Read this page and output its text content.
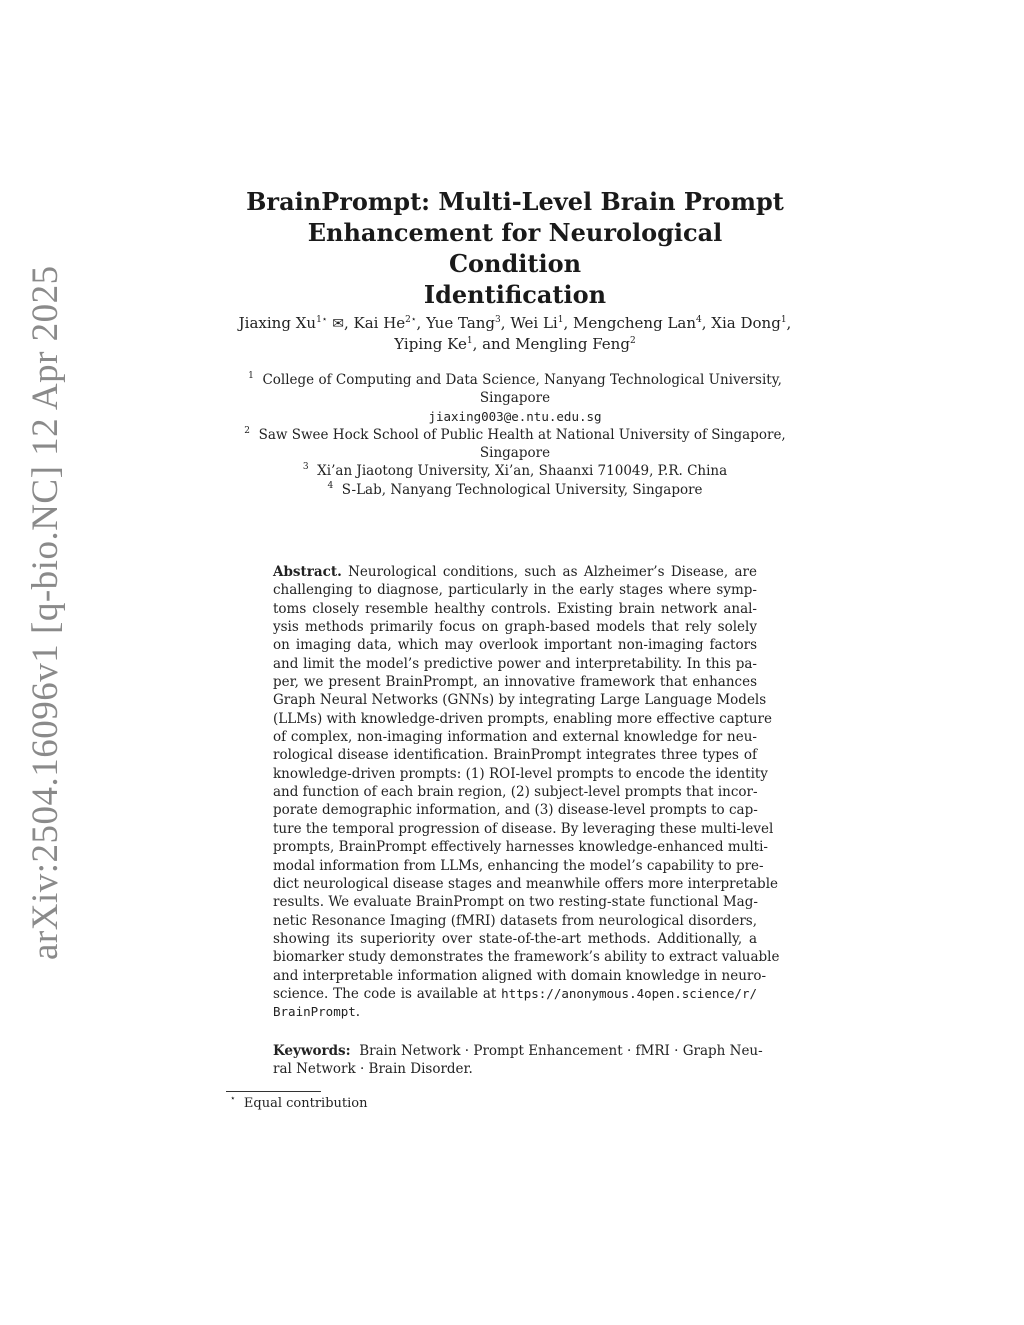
arXiv:2504.16096v1 [q-bio.NC] 12 Apr 2025
BrainPrompt: Multi-Level Brain Prompt
Enhancement for Neurological Condition
Identification
Jiaxing $Xu^{1⋆}$ ✉, Kai $He^{2⋆}$, Yue Tang$^3$, Wei Li$^1$, Mengcheng Lan$^4$, Xia Dong$^1$,
Yiping Ke$^1$, and Mengling Feng$^2$
$^1$ College of Computing and Data Science, Nanyang Technological University,
Singapore
jiaxing003@e.ntu.edu.sg
$^2$ Saw Swee Hock School of Public Health at National University of Singapore,
Singapore
$^3$ Xi’an Jiaotong University, Xi’an, Shaanxi 710049, P.R. China
$^4$ S-Lab, Nanyang Technological University, Singapore
Abstract. Neurological conditions, such as Alzheimer’s Disease, are
challenging to diagnose, particularly in the early stages where symp-
toms closely resemble healthy controls. Existing brain network anal-
ysis methods primarily focus on graph-based models that rely solely
on imaging data, which may overlook important non-imaging factors
and limit the model’s predictive power and interpretability. In this pa-
per, we present BrainPrompt, an innovative framework that enhances
Graph Neural Networks (GNNs) by integrating Large Language Models
(LLMs) with knowledge-driven prompts, enabling more effective capture
of complex, non-imaging information and external knowledge for neu-
rological disease identification. BrainPrompt integrates three types of
knowledge-driven prompts: (1) ROI-level prompts to encode the identity
and function of each brain region, (2) subject-level prompts that incor-
porate demographic information, and (3) disease-level prompts to cap-
ture the temporal progression of disease. By leveraging these multi-level
prompts, BrainPrompt effectively harnesses knowledge-enhanced multi-
modal information from LLMs, enhancing the model’s capability to pre-
dict neurological disease stages and meanwhile offers more interpretable
results. We evaluate BrainPrompt on two resting-state functional Mag-
netic Resonance Imaging (fMRI) datasets from neurological disorders,
showing its superiority over state-of-the-art methods. Additionally, a
biomarker study demonstrates the framework’s ability to extract valuable
and interpretable information aligned with domain knowledge in neuro-
science. The code is available at https://anonymous.4open.science/r/
BrainPrompt.
Keywords: Brain Network · Prompt Enhancement · fMRI · Graph Neu-
ral Network · Brain Disorder.
⋆ Equal contribution
